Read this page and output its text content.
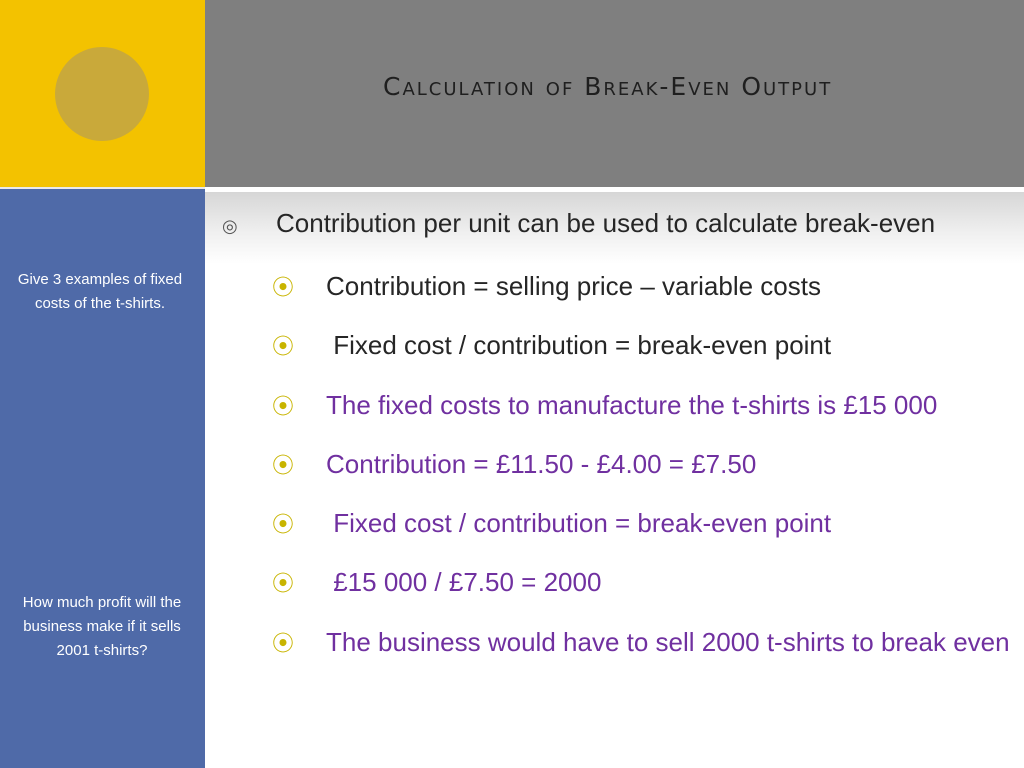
Calculation of Break-Even Output
Give 3 examples of fixed costs of the t-shirts.
How much profit will the business make if it sells 2001 t-shirts?
◎ Contribution per unit can be used to calculate break-even
⦿ Contribution = selling price – variable costs
⦿ Fixed cost / contribution = break-even point
⦿ The fixed costs to manufacture the t-shirts is £15 000
⦿ Contribution = £11.50 - £4.00 = £7.50
⦿ Fixed cost / contribution = break-even point
⦿ £15 000 / £7.50 = 2000
⦿ The business would have to sell 2000 t-shirts to break even
